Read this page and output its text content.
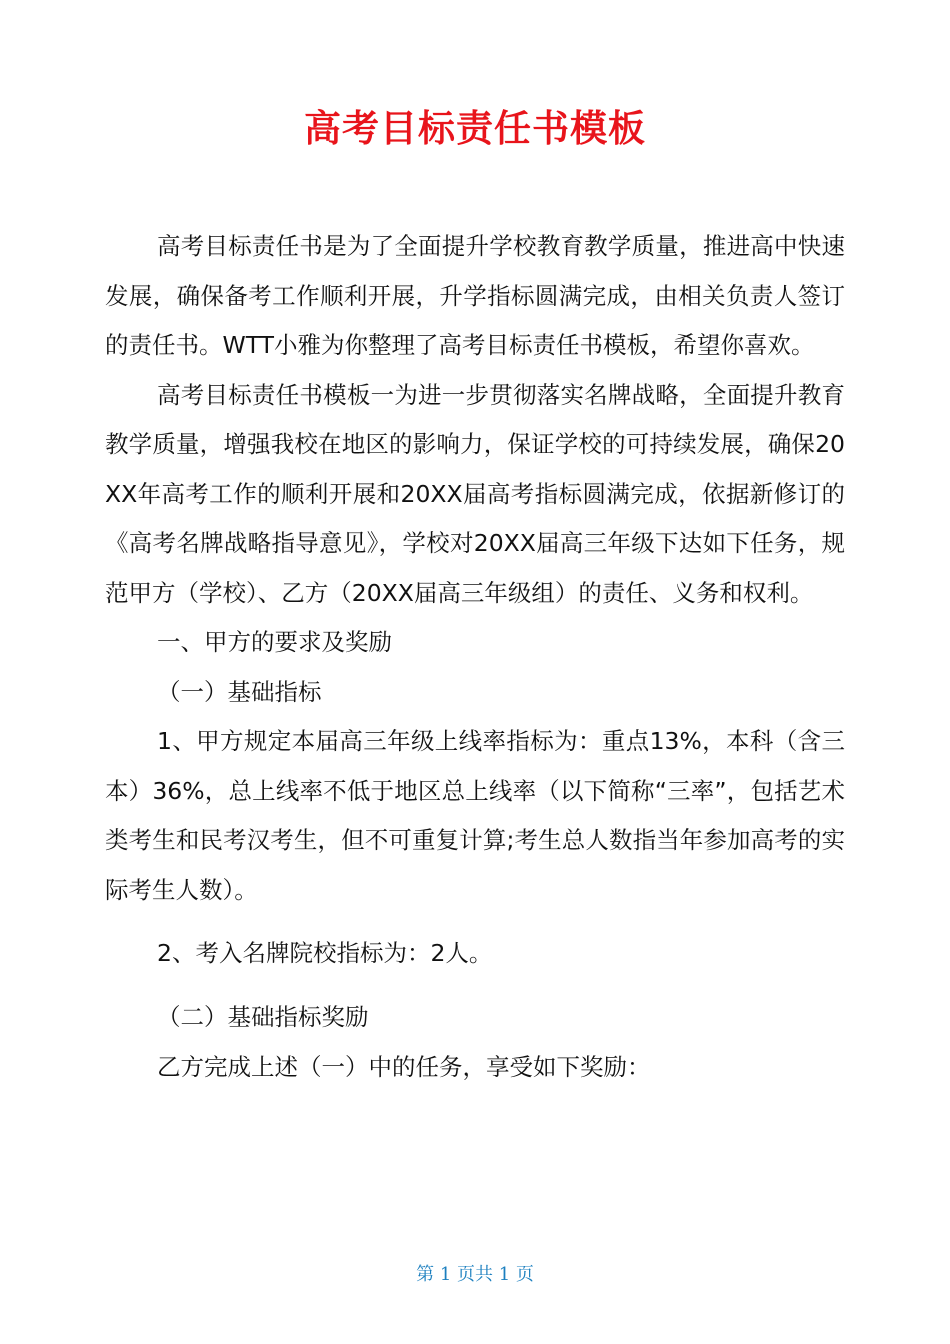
高考目标责任书模板

高考目标责任书是为了全面提升学校教育教学质量，推进高中快速发展，确保备考工作顺利开展，升学指标圆满完成，由相关负责人签订的责任书。WTT小雅为你整理了高考目标责任书模板，希望你喜欢。

高考目标责任书模板一为进一步贯彻落实名牌战略，全面提升教育教学质量，增强我校在地区的影响力，保证学校的可持续发展，确保20XX年高考工作的顺利开展和20XX届高考指标圆满完成，依据新修订的《高考名牌战略指导意见》，学校对20XX届高三年级下达如下任务，规范甲方（学校）、乙方（20XX届高三年级组）的责任、义务和权利。

一、甲方的要求及奖励

（一）基础指标

1、甲方规定本届高三年级上线率指标为：重点13%，本科（含三本）36%，总上线率不低于地区总上线率（以下简称“三率”，包括艺术类考生和民考汉考生，但不可重复计算;考生总人数指当年参加高考的实际考生人数）。

2、考入名牌院校指标为：2人。

（二）基础指标奖励

乙方完成上述（一）中的任务，享受如下奖励：

第 1 页共 1 页
